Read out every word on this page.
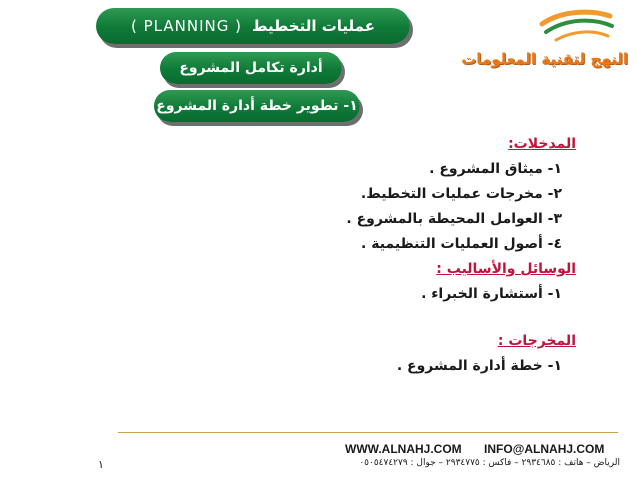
عمليات التخطيط
( PLANNING )
أدارة تكامل المشروع
١- تطوير خطة أدارة المشروع
النهج لتقنية المعلومات
المدخلات:
١- ميثاق المشروع .
٢- مخرجات عمليات التخطيط.
٣- العوامل المحيطة بالمشروع .
٤- أصول العمليات التنظيمية .
الوسائل والأساليب :
١- أستشارة الخبراء .
المخرجات :
١- خطة أدارة المشروع .
WWW.ALNAHJ.COM INFO@ALNAHJ.COM
الرياض – هاتف : ٢٩٣٤٦٨٥ – فاكس : ٢٩٣٤٧٧٥ – جوال : ٠٥٠٥٤٧٤٢٧٩
١
